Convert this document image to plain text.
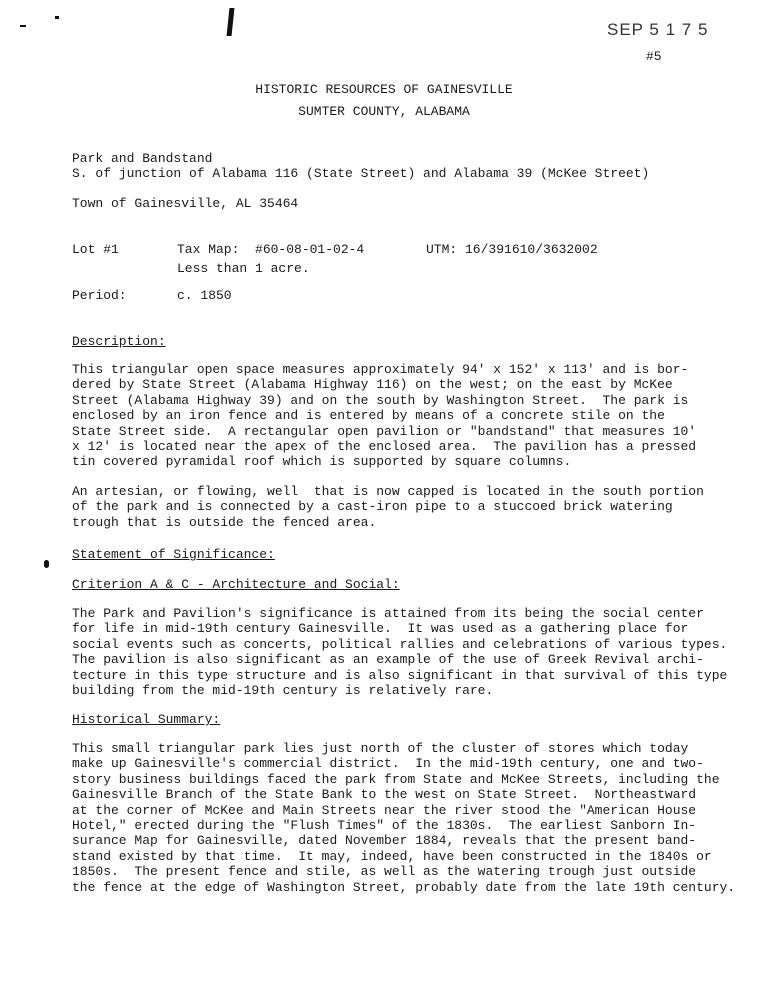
SEP 5 1 7 5
#5
HISTORIC RESOURCES OF GAINESVILLE
SUMTER COUNTY, ALABAMA
Park and Bandstand
S. of junction of Alabama 116 (State Street) and Alabama 39 (McKee Street)
Town of Gainesville, AL 35464
Lot #1	Tax Map:  #60-08-01-02-4	UTM: 16/391610/3632002
Less than 1 acre.
Period:	c. 1850
Description:
This triangular open space measures approximately 94' x 152' x 113' and is bor-
dered by State Street (Alabama Highway 116) on the west; on the east by McKee
Street (Alabama Highway 39) and on the south by Washington Street.  The park is
enclosed by an iron fence and is entered by means of a concrete stile on the
State Street side.  A rectangular open pavilion or "bandstand" that measures 10'
x 12' is located near the apex of the enclosed area.  The pavilion has a pressed
tin covered pyramidal roof which is supported by square columns.
An artesian, or flowing, well  that is now capped is located in the south portion
of the park and is connected by a cast-iron pipe to a stuccoed brick watering
trough that is outside the fenced area.
Statement of Significance:
Criterion A & C - Architecture and Social:
The Park and Pavilion's significance is attained from its being the social center
for life in mid-19th century Gainesville.  It was used as a gathering place for
social events such as concerts, political rallies and celebrations of various types.
The pavilion is also significant as an example of the use of Greek Revival archi-
tecture in this type structure and is also significant in that survival of this type
building from the mid-19th century is relatively rare.
Historical Summary:
This small triangular park lies just north of the cluster of stores which today
make up Gainesville's commercial district.  In the mid-19th century, one and two-
story business buildings faced the park from State and McKee Streets, including the
Gainesville Branch of the State Bank to the west on State Street.  Northeastward
at the corner of McKee and Main Streets near the river stood the "American House
Hotel," erected during the "Flush Times" of the 1830s.  The earliest Sanborn In-
surance Map for Gainesville, dated November 1884, reveals that the present band-
stand existed by that time.  It may, indeed, have been constructed in the 1840s or
1850s.  The present fence and stile, as well as the watering trough just outside
the fence at the edge of Washington Street, probably date from the late 19th century.
